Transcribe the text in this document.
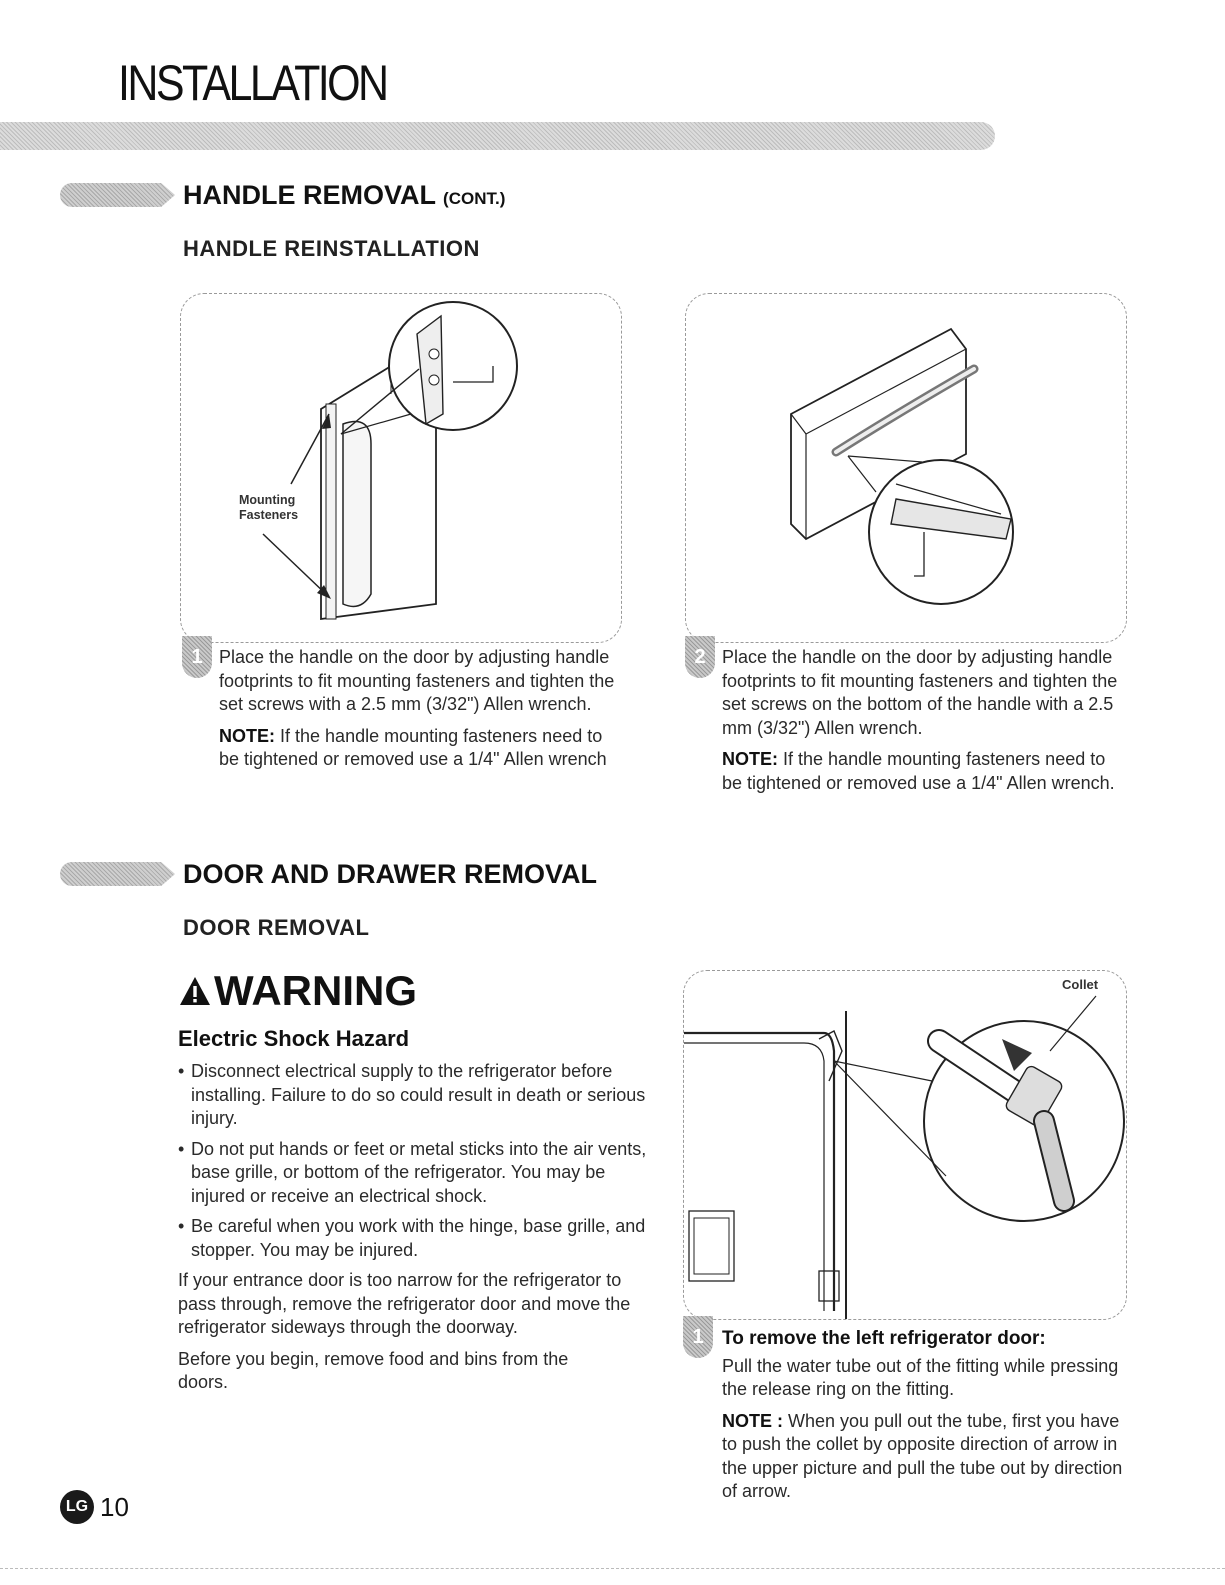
INSTALLATION
HANDLE REMOVAL (CONT.)
HANDLE REINSTALLATION
Mounting
Fasteners
1 Place the handle on the door by adjusting handle footprints to fit mounting fasteners and tighten the set screws with a 2.5 mm (3/32") Allen wrench.

NOTE: If the handle mounting fasteners need to be tightened or removed use a 1/4" Allen wrench

2 Place the handle on the door by adjusting handle footprints to fit mounting fasteners and tighten the set screws on the bottom of the handle with a 2.5 mm (3/32") Allen wrench.

NOTE: If the handle mounting fasteners need to be tightened or removed use a 1/4" Allen wrench.

DOOR AND DRAWER REMOVAL
DOOR REMOVAL
WARNING

Electric Shock Hazard

• Disconnect electrical supply to the refrigerator before installing. Failure to do so could result in death or serious injury.
• Do not put hands or feet or metal sticks into the air vents, base grille, or bottom of the refrigerator. You may be injured or receive an electrical shock.
• Be careful when you work with the hinge, base grille, and stopper. You may be injured.

If your entrance door is too narrow for the refrigerator to pass through, remove the refrigerator door and move the refrigerator sideways through the doorway.

Before you begin, remove food and bins from the doors.

Collet
1 To remove the left refrigerator door:

Pull the water tube out of the fitting while pressing the release ring on the fitting.

NOTE : When you pull out the tube, first you have to push the collet by opposite direction of arrow in the upper picture and pull the tube out by direction of arrow.

LG 10
